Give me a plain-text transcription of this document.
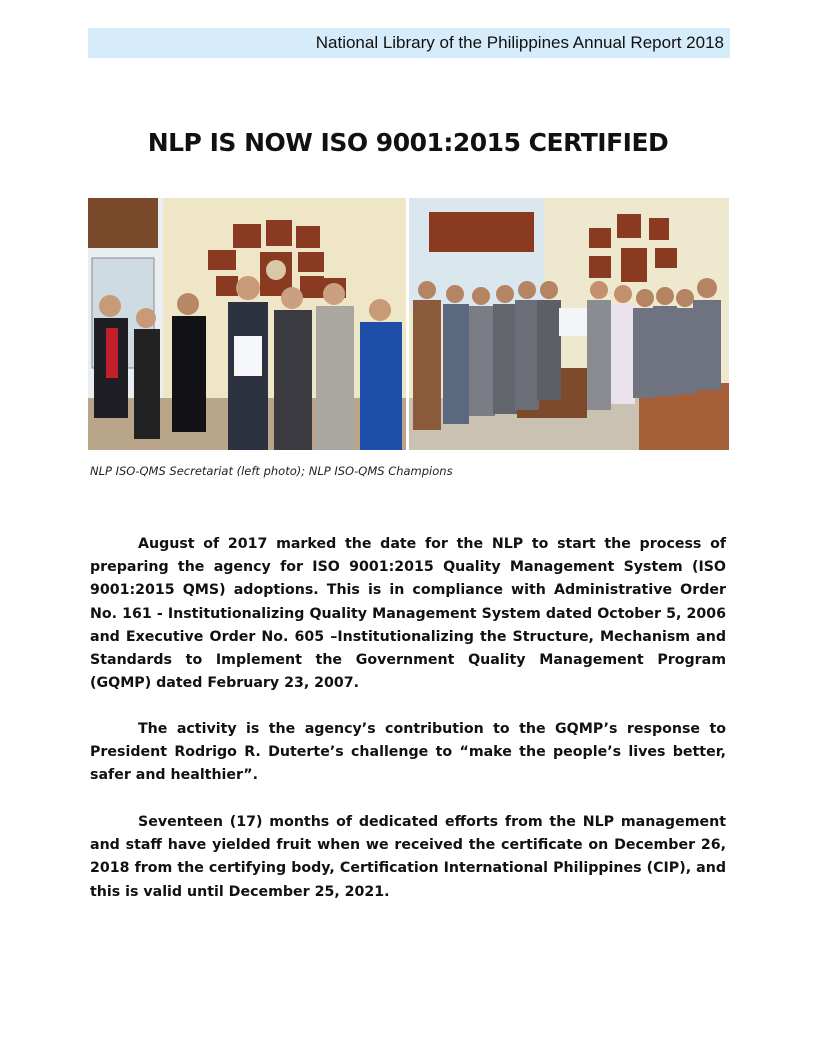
National Library of the Philippines Annual Report 2018
NLP IS NOW ISO 9001:2015 CERTIFIED
NLP ISO-QMS Secretariat (left photo); NLP ISO-QMS Champions

August of 2017 marked the date for the NLP to start the process of preparing the agency for ISO 9001:2015 Quality Management System (ISO 9001:2015 QMS) adoptions. This is in compliance with Administrative Order No. 161 - Institutionalizing Quality Management System dated October 5, 2006 and Executive Order No. 605 –Institutionalizing the Structure, Mechanism and Standards to Implement the Government Quality Management Program (GQMP) dated February 23, 2007.

The activity is the agency’s contribution to the GQMP’s response to President Rodrigo R. Duterte’s challenge to “make the people’s lives better, safer and healthier”.

Seventeen (17) months of dedicated efforts from the NLP management and staff have yielded fruit when we received the certificate on December 26, 2018 from the certifying body, Certification International Philippines (CIP), and this is valid until December 25, 2021.
